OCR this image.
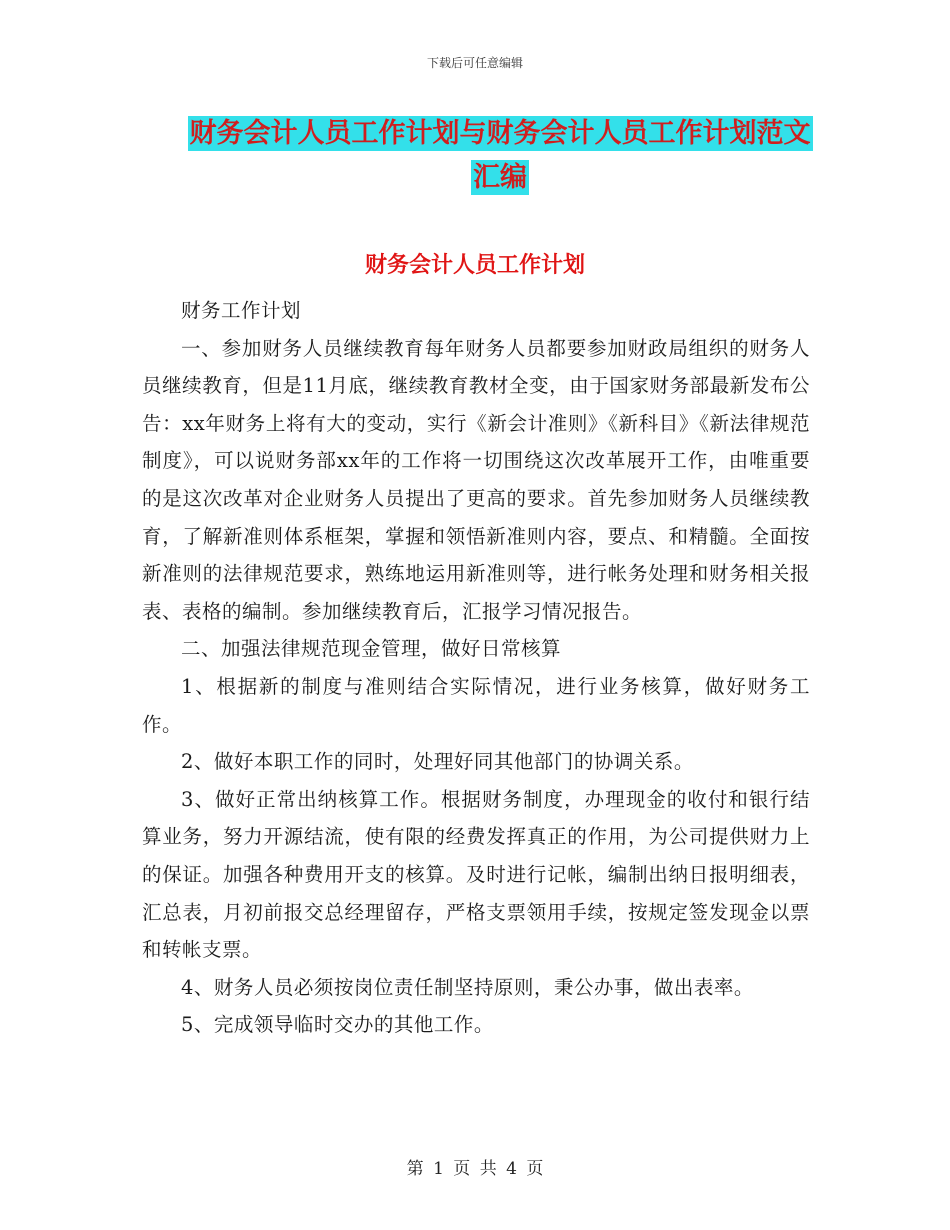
下载后可任意编辑
财务会计人员工作计划与财务会计人员工作计划范文
汇编
财务会计人员工作计划

财务工作计划

一、参加财务人员继续教育每年财务人员都要参加财政局组织的财务人员继续教育，但是11月底，继续教育教材全变，由于国家财务部最新发布公告：xx年财务上将有大的变动，实行《新会计准则》《新科目》《新法律规范制度》，可以说财务部xx年的工作将一切围绕这次改革展开工作，由唯重要的是这次改革对企业财务人员提出了更高的要求。首先参加财务人员继续教育，了解新准则体系框架，掌握和领悟新准则内容，要点、和精髓。全面按新准则的法律规范要求，熟练地运用新准则等，进行帐务处理和财务相关报表、表格的编制。参加继续教育后，汇报学习情况报告。

二、加强法律规范现金管理，做好日常核算

1、根据新的制度与准则结合实际情况，进行业务核算，做好财务工作。

2、做好本职工作的同时，处理好同其他部门的协调关系。

3、做好正常出纳核算工作。根据财务制度，办理现金的收付和银行结算业务，努力开源结流，使有限的经费发挥真正的作用，为公司提供财力上的保证。加强各种费用开支的核算。及时进行记帐，编制出纳日报明细表，汇总表，月初前报交总经理留存，严格支票领用手续，按规定签发现金以票和转帐支票。

4、财务人员必须按岗位责任制坚持原则，秉公办事，做出表率。

5、完成领导临时交办的其他工作。

第 1 页 共 4 页
